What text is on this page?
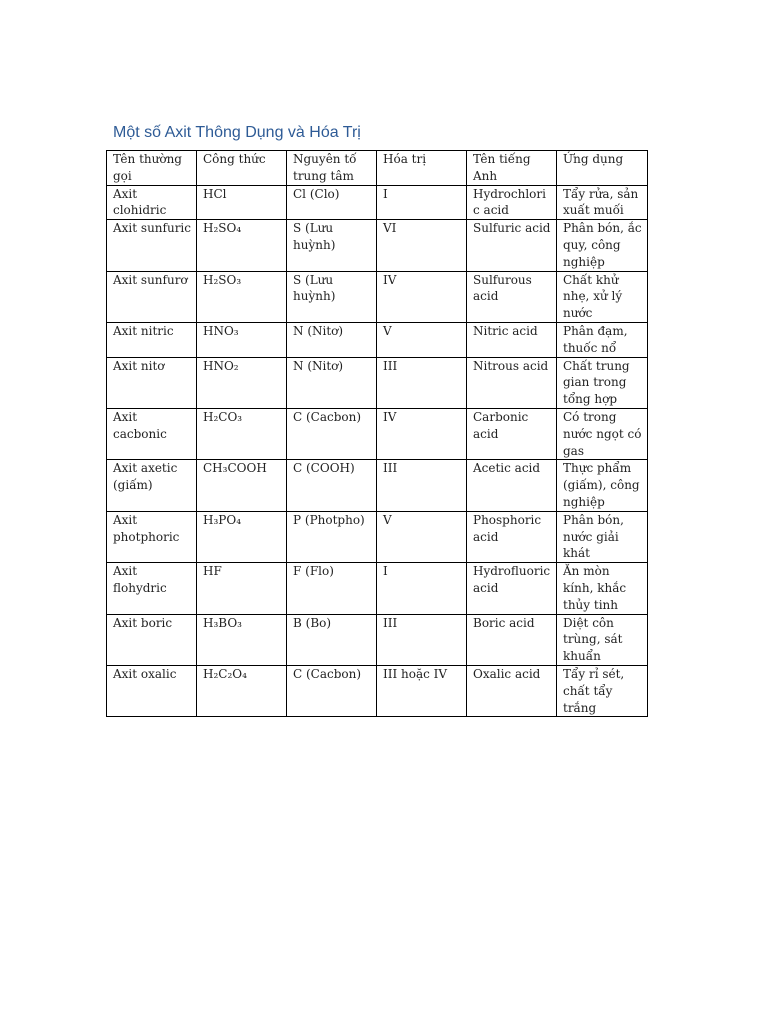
Một số Axit Thông Dụng và Hóa Trị
Tên thường gọi	Công thức	Nguyên tố trung tâm	Hóa trị	Tên tiếng Anh	Ứng dụng
Axit clohidric	HCl	Cl (Clo)	I	Hydrochloric acid	Tẩy rửa, sản xuất muối
Axit sunfuric	H₂SO₄	S (Lưu huỳnh)	VI	Sulfuric acid	Phân bón, ắc quy, công nghiệp
Axit sunfurơ	H₂SO₃	S (Lưu huỳnh)	IV	Sulfurous acid	Chất khử nhẹ, xử lý nước
Axit nitric	HNO₃	N (Nitơ)	V	Nitric acid	Phân đạm, thuốc nổ
Axit nitơ	HNO₂	N (Nitơ)	III	Nitrous acid	Chất trung gian trong tổng hợp
Axit cacbonic	H₂CO₃	C (Cacbon)	IV	Carbonic acid	Có trong nước ngọt có gas
Axit axetic (giấm)	CH₃COOH	C (COOH)	III	Acetic acid	Thực phẩm (giấm), công nghiệp
Axit photphoric	H₃PO₄	P (Photpho)	V	Phosphoric acid	Phân bón, nước giải khát
Axit flohydric	HF	F (Flo)	I	Hydrofluoric acid	Ăn mòn kính, khắc thủy tinh
Axit boric	H₃BO₃	B (Bo)	III	Boric acid	Diệt côn trùng, sát khuẩn
Axit oxalic	H₂C₂O₄	C (Cacbon)	III hoặc IV	Oxalic acid	Tẩy rỉ sét, chất tẩy trắng
